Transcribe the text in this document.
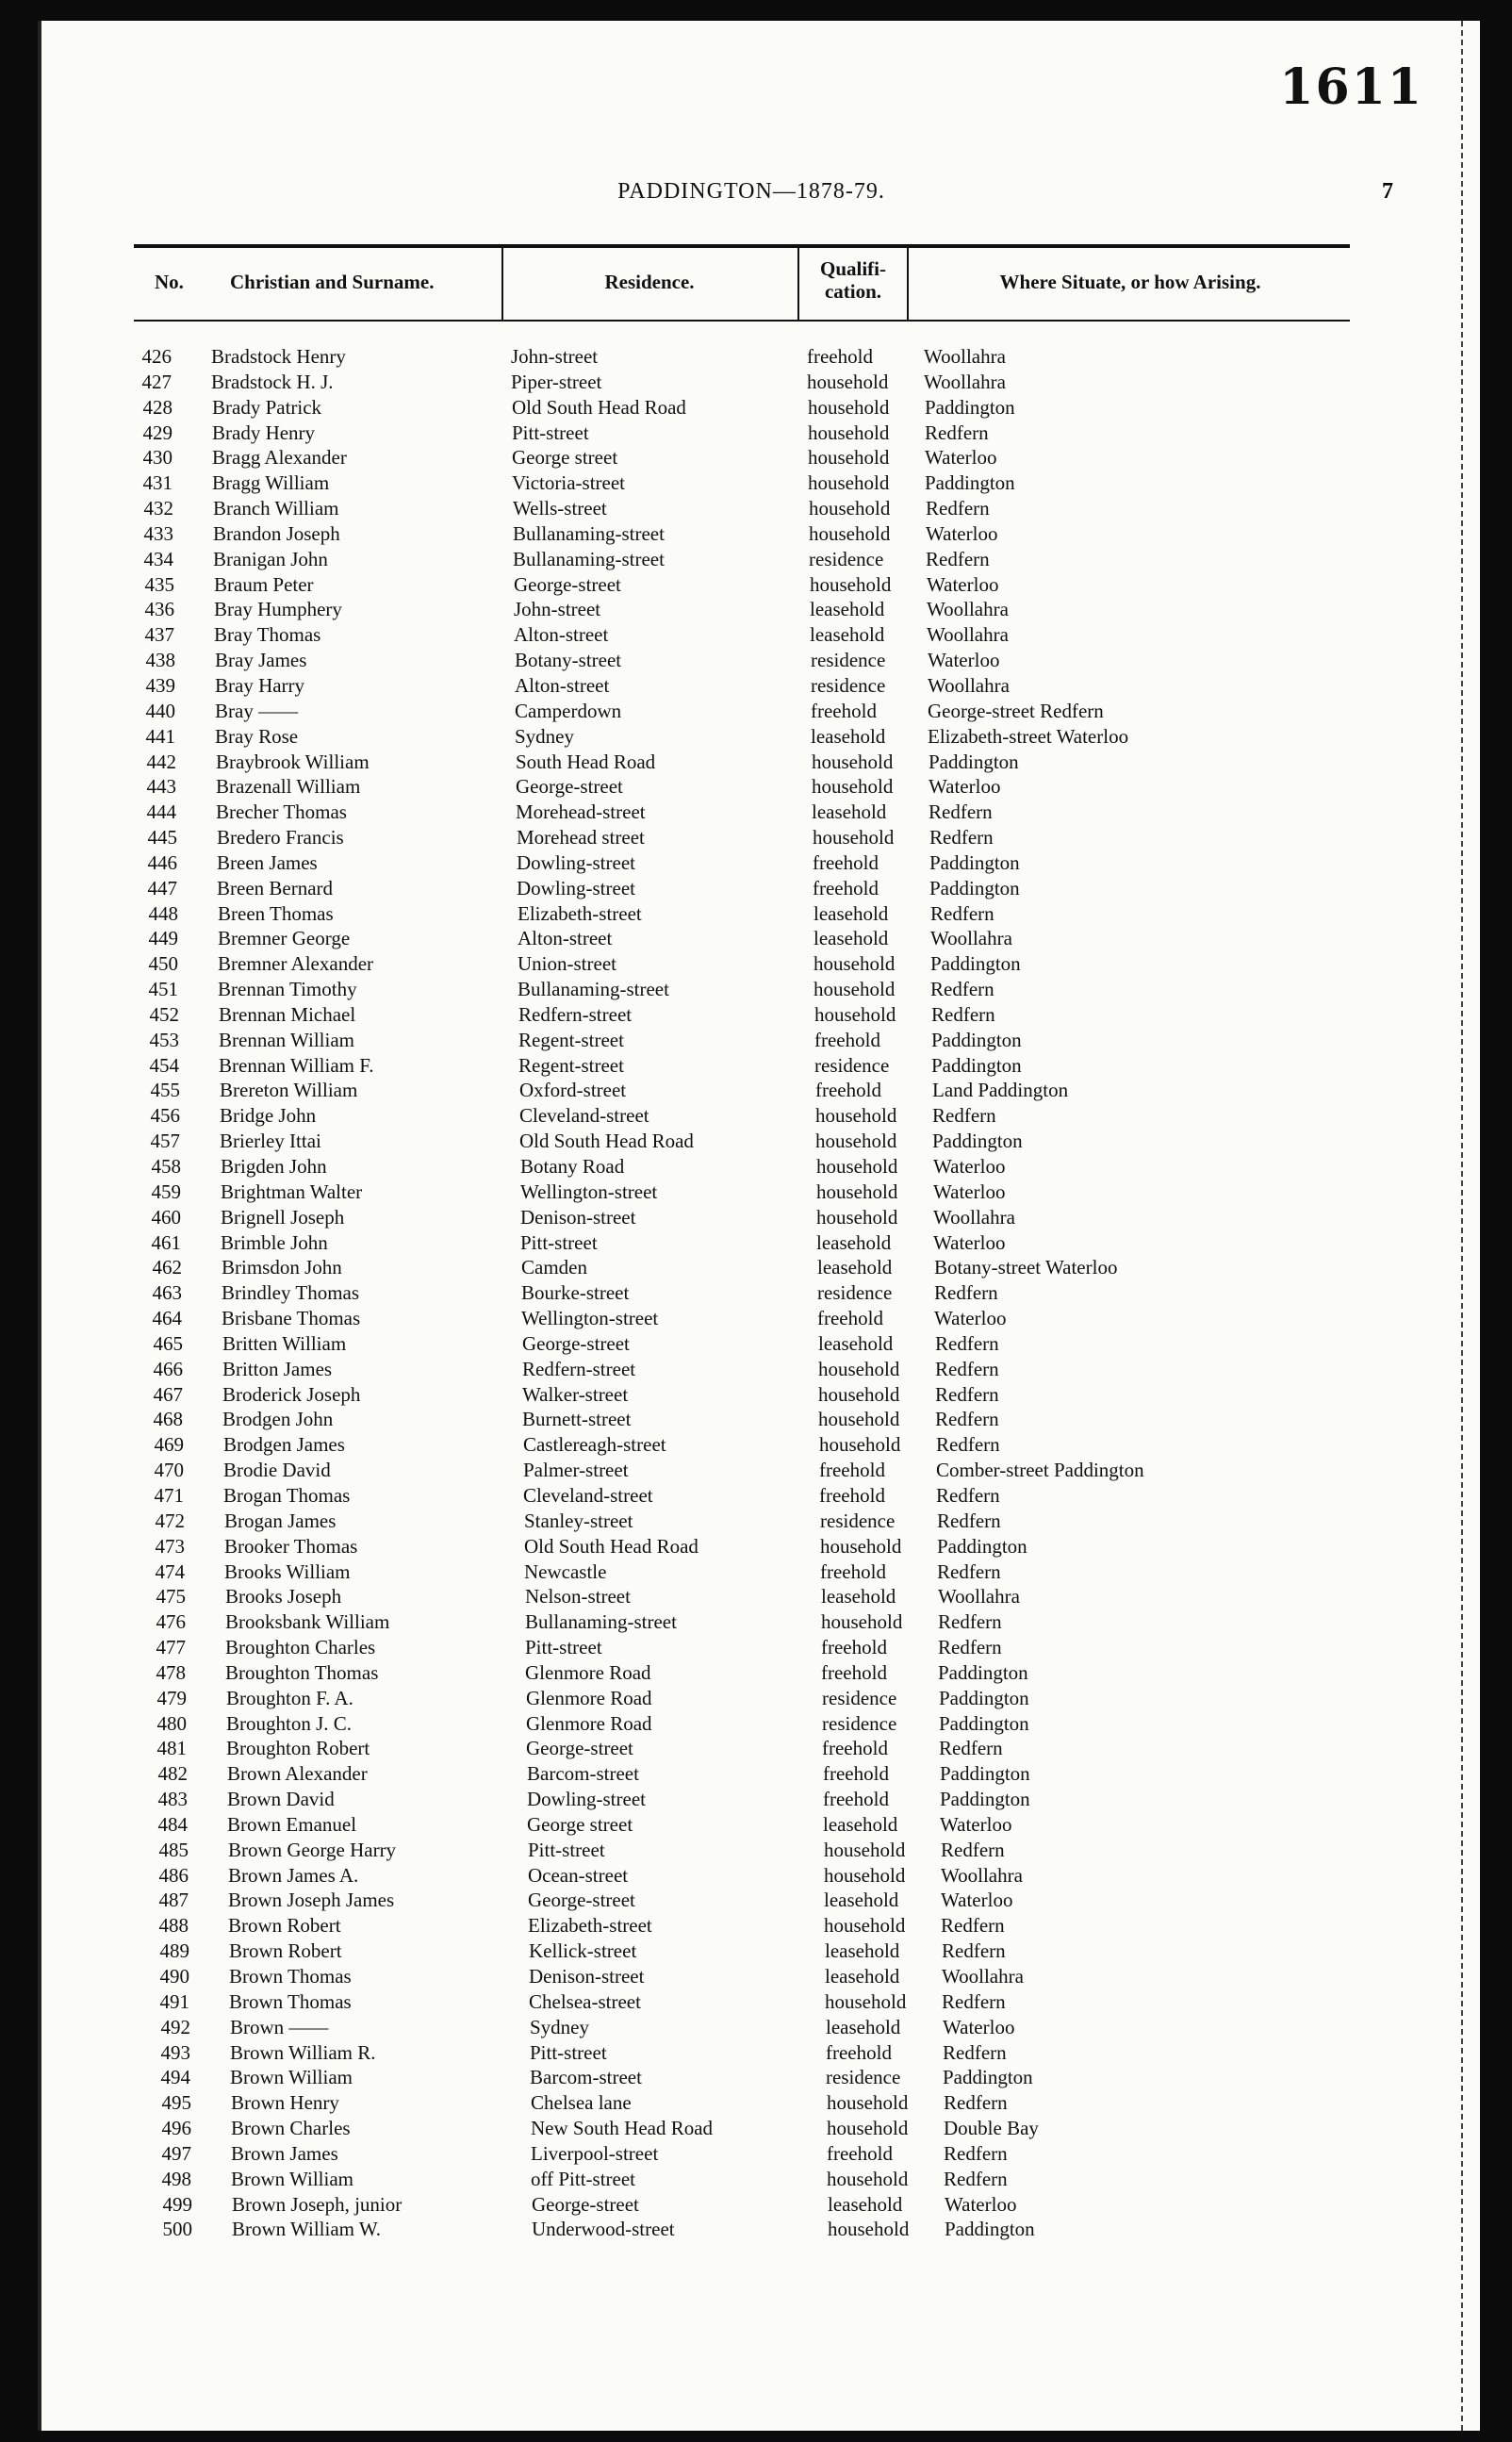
1611
PADDINGTON—1878-79.	7
No. Christian and Surname.	Residence.
Qualifi-
cation.	Where Situate, or how Arising.
426 Bradstock Henry	John-street	freehold	Woollahra
427 Bradstock H. J.	Piper-street	household Woollahra
428 Brady Patrick	Old South Head Road	household Paddington
429 Brady Henry	Pitt-street	household Redfern
430 Bragg Alexander	George street	household Waterloo
431 Bragg William	Victoria-street	household Paddington
432 Branch William	Wells-street	household Redfern
433 Brandon Joseph	Bullanaming-street	household Waterloo
434 Branigan John	Bullanaming-street	residence Redfern
435 Braum Peter	George-street	household Waterloo
436 Bray Humphery	John-street	leasehold Woollahra
437 Bray Thomas	Alton-street	leasehold Woollahra
438 Bray James	Botany-street	residence Waterloo
439 Bray Harry	Alton-street	residence Woollahra
440 Bray ——	Camperdown	freehold	George-street Redfern
441 Bray Rose	Sydney	leasehold Elizabeth-street Waterloo
442 Braybrook William	South Head Road	household Paddington
443 Brazenall William	George-street	household Waterloo
444 Brecher Thomas	Morehead-street	leasehold Redfern
445 Bredero Francis	Morehead street	household Redfern
446 Breen James	Dowling-street	freehold	Paddington
447 Breen Bernard	Dowling-street	freehold	Paddington
448 Breen Thomas	Elizabeth-street	leasehold Redfern
449 Bremner George	Alton-street	leasehold Woollahra
450 Bremner Alexander	Union-street	household Paddington
451 Brennan Timothy	Bullanaming-street	household Redfern
452 Brennan Michael	Redfern-street	household Redfern
453 Brennan William	Regent-street	freehold	Paddington
454 Brennan William F.	Regent-street	residence Paddington
455 Brereton William	Oxford-street	freehold	Land Paddington
456 Bridge John	Cleveland-street	household Redfern
457 Brierley Ittai	Old South Head Road	household Paddington
458 Brigden John	Botany Road	household Waterloo
459 Brightman Walter	Wellington-street	household Waterloo
460 Brignell Joseph	Denison-street	household Woollahra
461 Brimble John	Pitt-street	leasehold Waterloo
462 Brimsdon John	Camden	leasehold Botany-street Waterloo
463 Brindley Thomas	Bourke-street	residence Redfern
464 Brisbane Thomas	Wellington-street	freehold	Waterloo
465 Britten William	George-street	leasehold Redfern
466 Britton James	Redfern-street	household Redfern
467 Broderick Joseph	Walker-street	household Redfern
468 Brodgen John	Burnett-street	household Redfern
469 Brodgen James	Castlereagh-street	household Redfern
470 Brodie David	Palmer-street	freehold	Comber-street Paddington
471 Brogan Thomas	Cleveland-street	freehold	Redfern
472 Brogan James	Stanley-street	residence Redfern
473 Brooker Thomas	Old South Head Road	household Paddington
474 Brooks William	Newcastle	freehold	Redfern
475 Brooks Joseph	Nelson-street	leasehold Woollahra
476 Brooksbank William	Bullanaming-street	household Redfern
477 Broughton Charles	Pitt-street	freehold	Redfern
478 Broughton Thomas	Glenmore Road	freehold	Paddington
479 Broughton F. A.	Glenmore Road	residence Paddington
480 Broughton J. C.	Glenmore Road	residence Paddington
481 Broughton Robert	George-street	freehold	Redfern
482 Brown Alexander	Barcom-street	freehold	Paddington
483 Brown David	Dowling-street	freehold	Paddington
484 Brown Emanuel	George street	leasehold Waterloo
485 Brown George Harry	Pitt-street	household Redfern
486 Brown James A.	Ocean-street	household Woollahra
487 Brown Joseph James	George-street	leasehold Waterloo
488 Brown Robert	Elizabeth-street	household Redfern
489 Brown Robert	Kellick-street	leasehold Redfern
490 Brown Thomas	Denison-street	leasehold Woollahra
491 Brown Thomas	Chelsea-street	household Redfern
492 Brown ——	Sydney	leasehold Waterloo
493 Brown William R.	Pitt-street	freehold	Redfern
494 Brown William	Barcom-street	residence Paddington
495 Brown Henry	Chelsea lane	household Redfern
496 Brown Charles	New South Head Road	household Double Bay
497 Brown James	Liverpool-street	freehold	Redfern
498 Brown William	off Pitt-street	household Redfern
499 Brown Joseph, junior	George-street	leasehold Waterloo
500 Brown William W.	Underwood-street	household Paddington
